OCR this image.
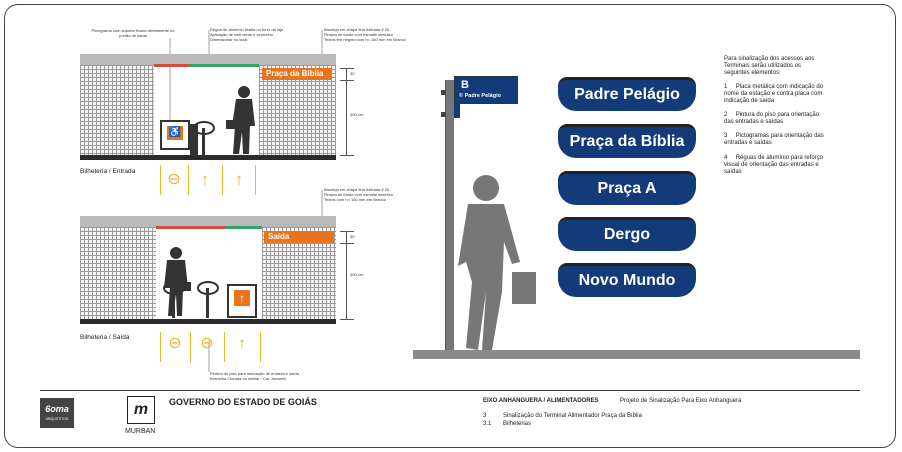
Pictograma com suporte fixado diretamente no portão de saída
Régua de alumínio fixada no forro da laje
Aplicação de vinil verde e vermelho
Dimensionar no local
Bandeja em chapa fina estirada # 20
Pintura de fundo com esmalte sintético
Textos em negrito com h= 160 mm em Branco
Praça da Bíblia	30
300 cm
♿
Bilheteria / Entrada ⊖	↑	↑
Bandeja em chapa fina estirada # 20
Pintura de fundo com esmalte sintético
Textos com h= 160 mm em Branco
Saída	30
300 cm
↑
Bilheteria / Saída ⊖ ⊖	↑
Pintura do piso para marcação de entrada e saída
Borracha Clorada ou similar / Cor: Amarelo
B
© Padre Pelágio	Padre Pelágio
Praça da Bíblia
Praça A
Dergo
Novo Mundo
Para sinalização dos acessos aos Terminais serão utilizados os seguintes elementos:
1 Placa metálica com indicação do nome da estação e contra placa com indicação de saída
2 Pintura do piso para orientação das entradas e saídas
3 Pictogramas para orientação das entradas e saídas
4 Réguas de alumínio para reforço visual de orientação das entradas e saídas
6oma
ARQUITETOS
m
MURBAN
GOVERNO DO ESTADO DE GOIÁS	EIXO ANHANGUERA / ALIMENTADORES	Projeto de Sinalização Para Eixo Anhanguera
3	Sinalização do Terminal Alimentador Praça da Bíblia
3.1 Bilheterias
